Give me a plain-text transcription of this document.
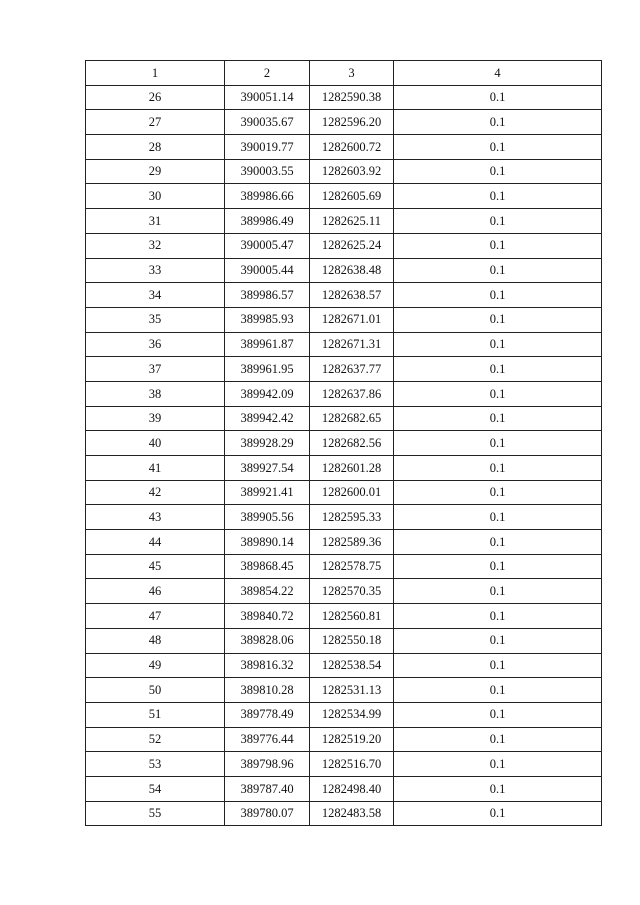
1	2	3	4
26	390051.14	1282590.38	0.1
27	390035.67	1282596.20	0.1
28	390019.77	1282600.72	0.1
29	390003.55	1282603.92	0.1
30	389986.66	1282605.69	0.1
31	389986.49	1282625.11	0.1
32	390005.47	1282625.24	0.1
33	390005.44	1282638.48	0.1
34	389986.57	1282638.57	0.1
35	389985.93	1282671.01	0.1
36	389961.87	1282671.31	0.1
37	389961.95	1282637.77	0.1
38	389942.09	1282637.86	0.1
39	389942.42	1282682.65	0.1
40	389928.29	1282682.56	0.1
41	389927.54	1282601.28	0.1
42	389921.41	1282600.01	0.1
43	389905.56	1282595.33	0.1
44	389890.14	1282589.36	0.1
45	389868.45	1282578.75	0.1
46	389854.22	1282570.35	0.1
47	389840.72	1282560.81	0.1
48	389828.06	1282550.18	0.1
49	389816.32	1282538.54	0.1
50	389810.28	1282531.13	0.1
51	389778.49	1282534.99	0.1
52	389776.44	1282519.20	0.1
53	389798.96	1282516.70	0.1
54	389787.40	1282498.40	0.1
55	389780.07	1282483.58	0.1
